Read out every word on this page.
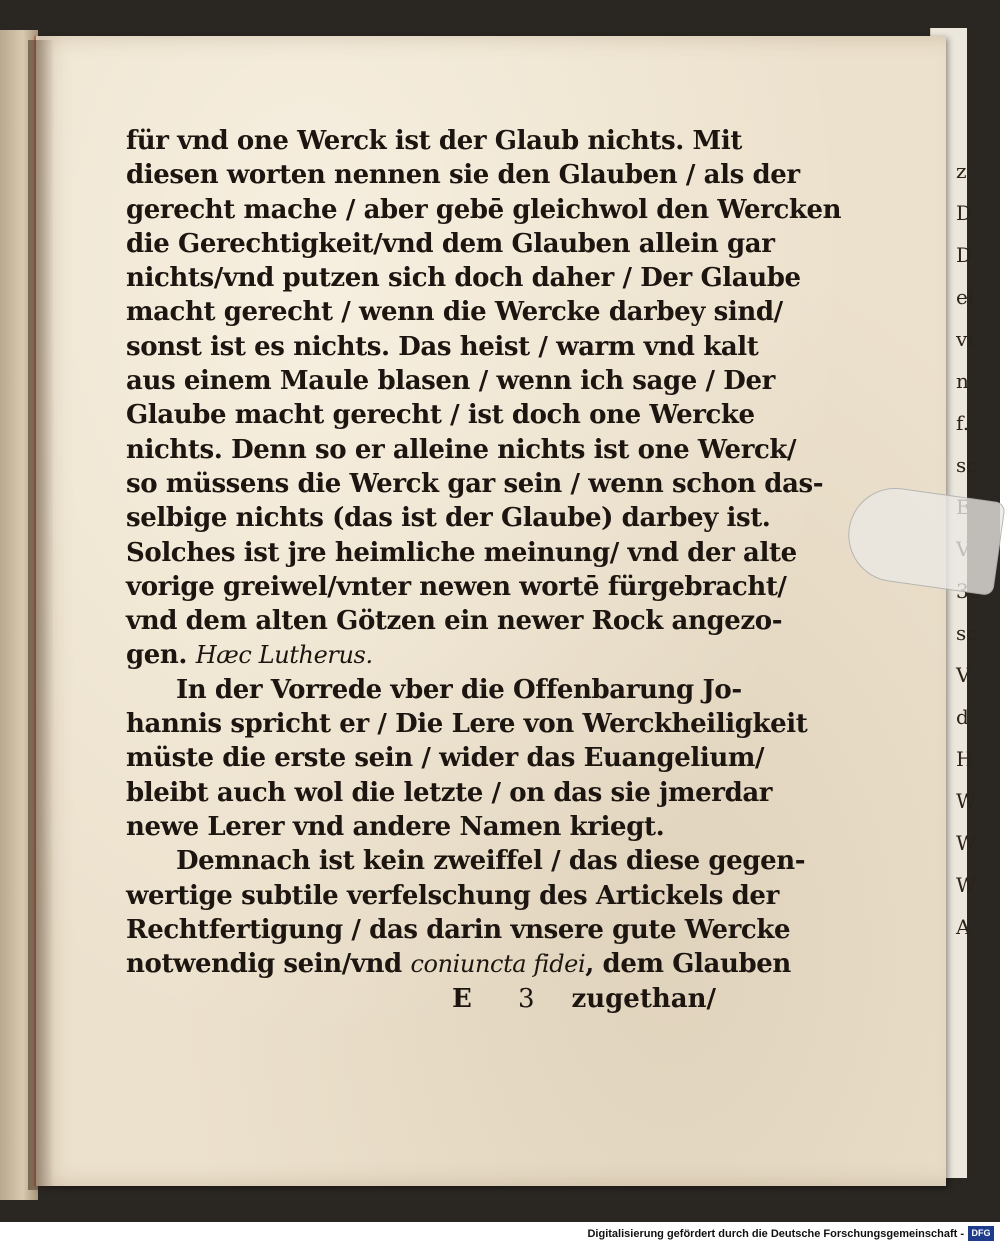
z
D
D
ei
vi
n
f.
sc
sc
V
d
H
W
W
W
A
für vnd one Werck ist der Glaub nichts. Mit
diesen worten nennen sie den Glauben / als der
gerecht mache / aber gebē gleichwol den Wercken
die Gerechtigkeit/vnd dem Glauben allein gar
nichts/vnd putzen sich doch daher / Der Glaube
macht gerecht / wenn die Wercke darbey sind/
sonst ist es nichts. Das heist / warm vnd kalt
aus einem Maule blasen / wenn ich sage / Der
Glaube macht gerecht / ist doch one Wercke
nichts. Denn so er alleine nichts ist one Werck/
so müssens die Werck gar sein / wenn schon das-
selbige nichts (das ist der Glaube) darbey ist.
Solches ist jre heimliche meinung/ vnd der alte
vorige greiwel/vnter newen wortē fürgebracht/
vnd dem alten Götzen ein newer Rock angezo-
gen. Hæc Lutherus.
In der Vorrede vber die Offenbarung Jo-
hannis spricht er / Die Lere von Werckheiligkeit
müste die erste sein / wider das Euangelium/
bleibt auch wol die letzte / on das sie jmerdar
newe Lerer vnd andere Namen kriegt.
Demnach ist kein zweiffel / das diese gegen-
wertige subtile verfelschung des Artickels der
Rechtfertigung / das darin vnsere gute Wercke
notwendig sein/vnd coniuncta fidei, dem Glauben
E 3 zugethan/
Digitalisierung gefördert durch die Deutsche Forschungsgemeinschaft - DFG
